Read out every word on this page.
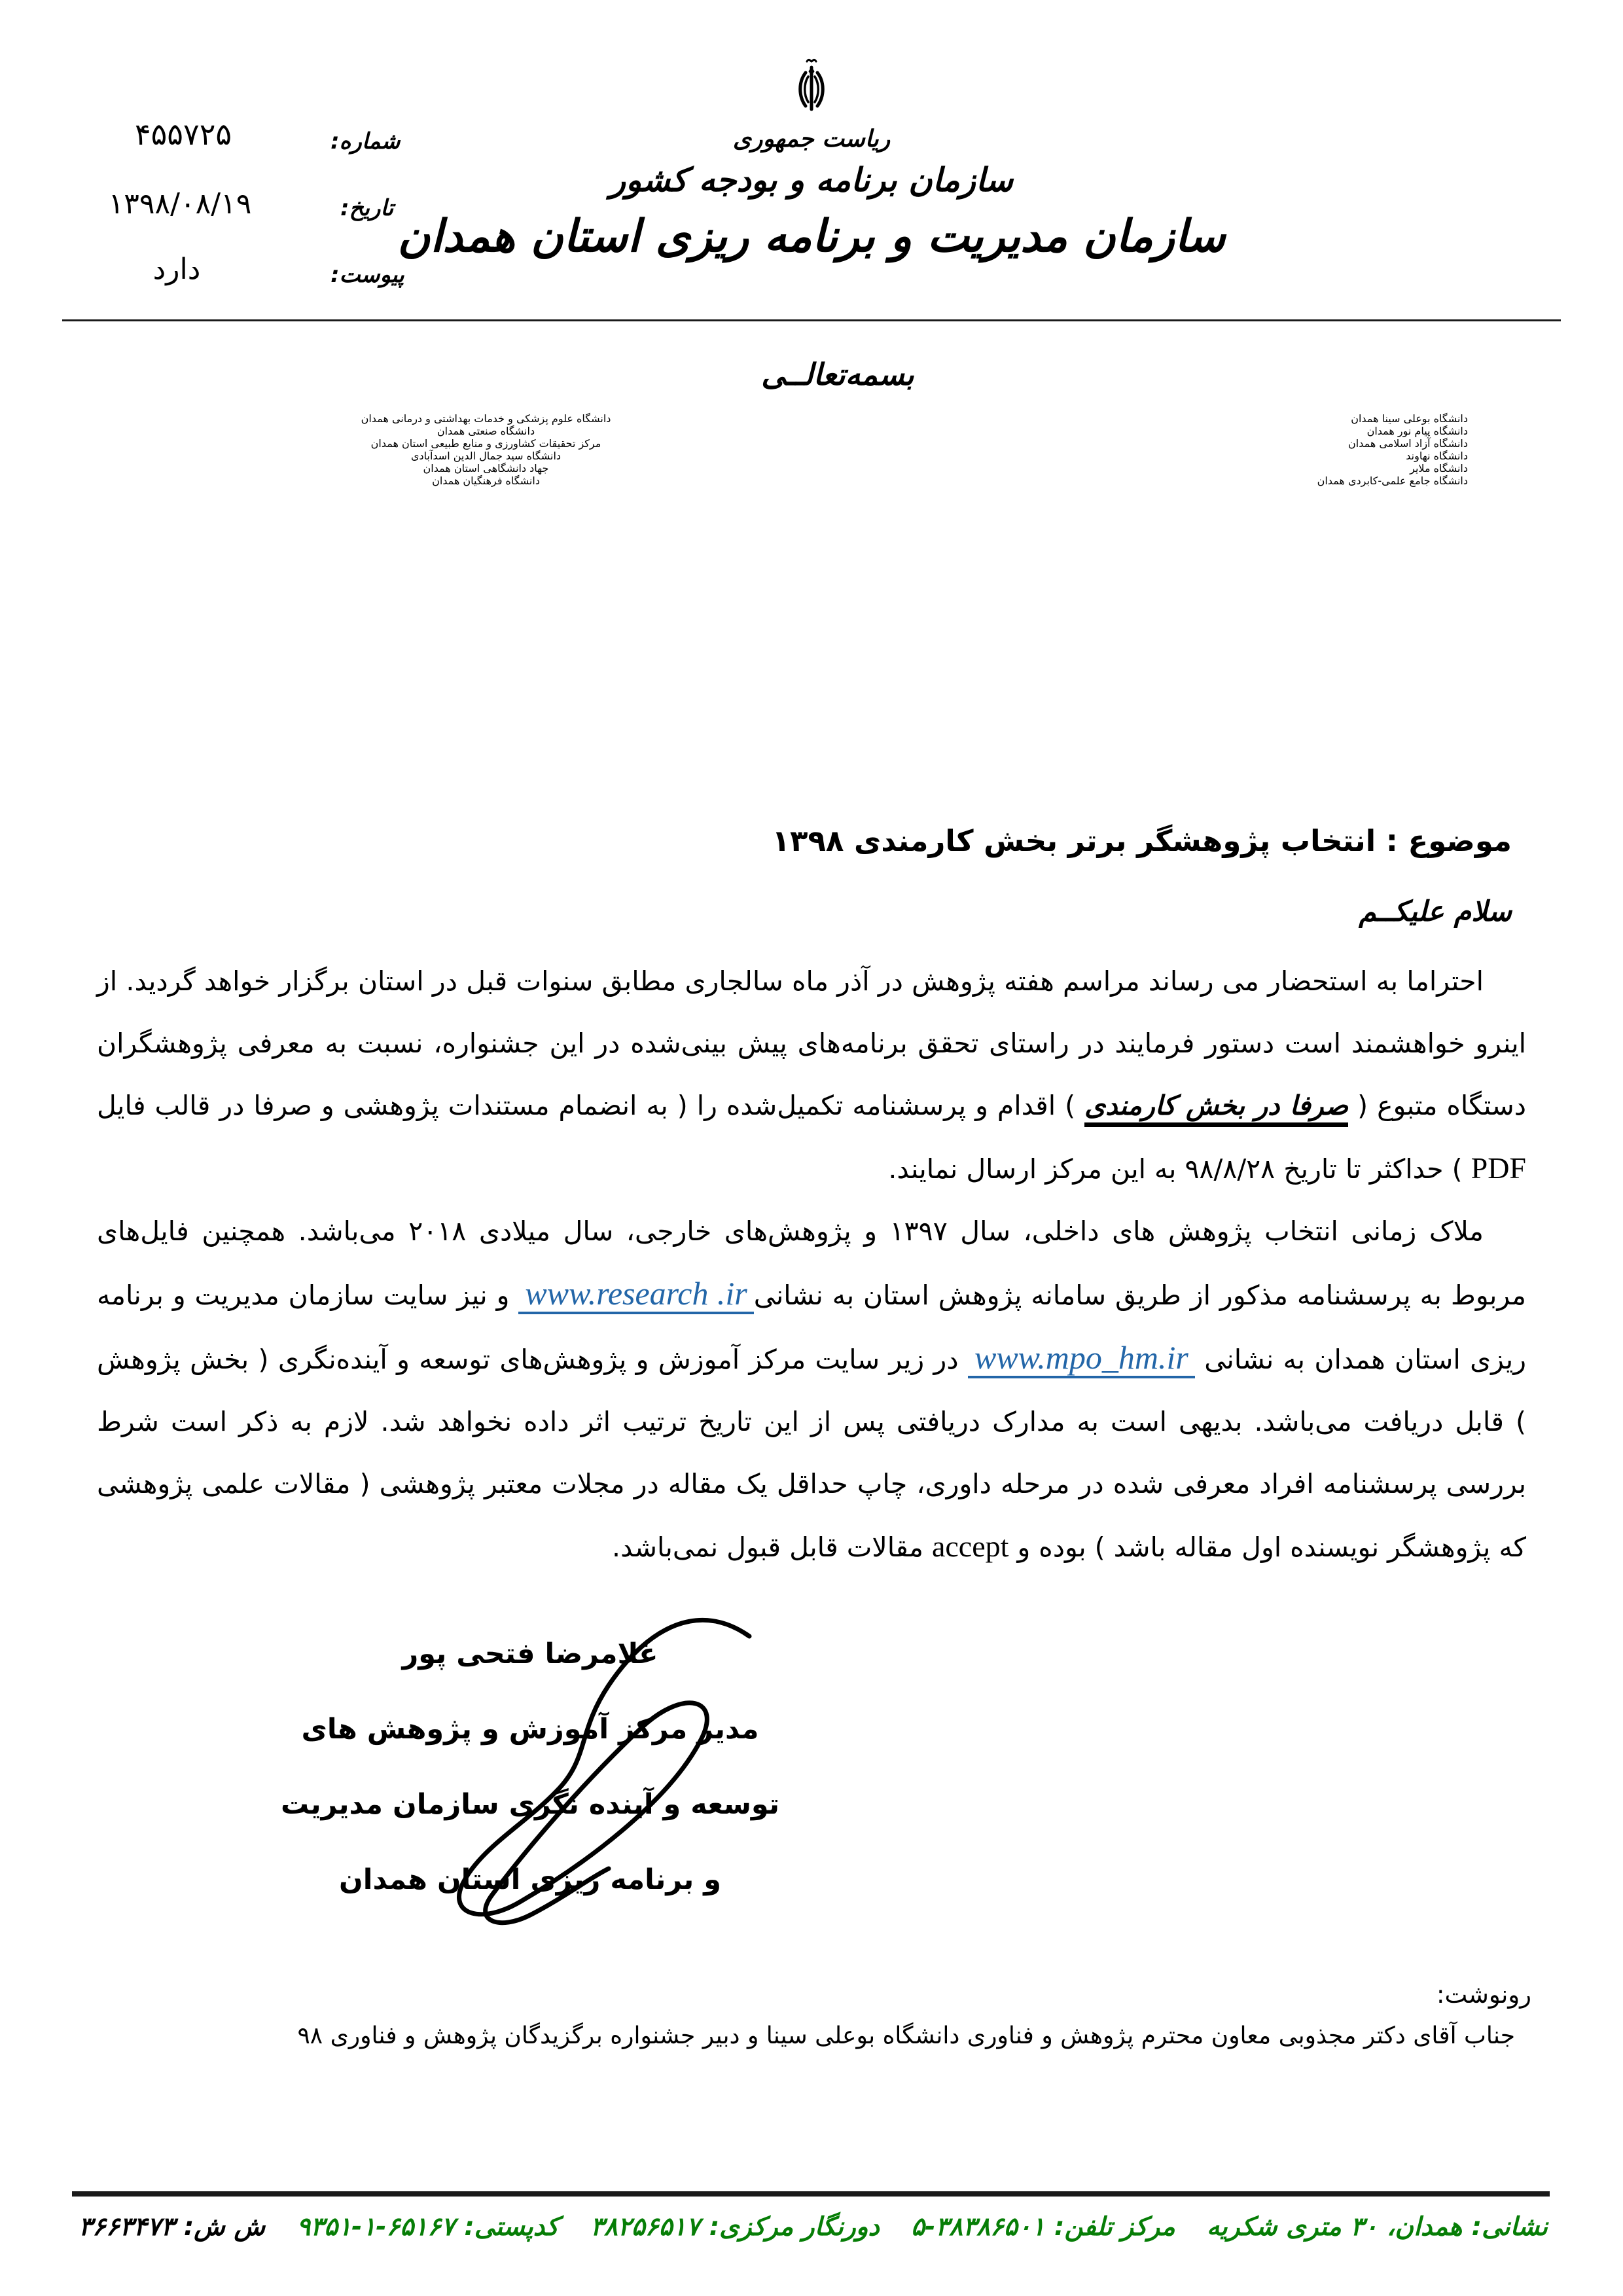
شماره:
۴۵۵۷۲۵
تاریخ:
۱۳۹۸/۰۸/۱۹
پیوست:
دارد
ریاست جمهوری
سازمان برنامه و بودجه کشور
سازمان مدیریت و برنامه ریزی استان همدان
بسمه‌تعالــی
دانشگاه علوم پزشکی و خدمات بهداشتی و درمانی همدان
دانشگاه صنعتی همدان
مرکز تحقیقات کشاورزی و منابع طبیعی استان همدان
دانشگاه سید جمال الدین اسدآبادی
جهاد دانشگاهی استان همدان
دانشگاه فرهنگیان همدان
دانشگاه بوعلی سینا همدان
دانشگاه پیام نور همدان
دانشگاه آزاد اسلامی همدان
دانشگاه نهاوند
دانشگاه ملایر
دانشگاه جامع علمی-کابردی همدان
موضوع : انتخاب پژوهشگر برتر بخش کارمندی ۱۳۹۸
سلام علیکــم

احتراما به استحضار می رساند مراسم هفته پژوهش در آذر ماه سالجاری مطابق سنوات قبل در استان برگزار خواهد گردید. از اینرو خواهشمند است دستور فرمایند در راستای تحقق برنامه‌های پیش بینی‌شده در این جشنواره، نسبت به معرفی پژوهشگران دستگاه متبوع ( صرفا در بخش کارمندی ) اقدام و پرسشنامه تکمیل‌شده را ( به انضمام مستندات پژوهشی و صرفا در قالب فایل PDF ) حداکثر تا تاریخ ۹۸/۸/۲۸ به این مرکز ارسال نمایند.

ملاک زمانی انتخاب پژوهش های داخلی، سال ۱۳۹۷ و پژوهش‌های خارجی، سال میلادی ۲۰۱۸ می‌باشد. همچنین فایل‌های مربوط به پرسشنامه مذکور از طریق سامانه پژوهش استان به نشانیwww.research .ir و نیز سایت سازمان مدیریت و برنامه ریزی استان همدان به نشانی www.mpo_hm.ir در زیر سایت مرکز آموزش و پژوهش‌های توسعه و آینده‌نگری ( بخش پژوهش ) قابل دریافت می‌باشد. بدیهی است به مدارک دریافتی پس از این تاریخ ترتیب اثر داده نخواهد شد. لازم به ذکر است شرط بررسی پرسشنامه افراد معرفی شده در مرحله داوری، چاپ حداقل یک مقاله در مجلات معتبر پژوهشی ( مقالات علمی پژوهشی که پژوهشگر نویسنده اول مقاله باشد ) بوده و accept مقالات قابل قبول نمی‌باشد.

غلامرضا فتحی پور
مدیر مرکز آموزش و پژوهش های
توسعه و آینده نگری سازمان مدیریت
و برنامه ریزی استان همدان
رونوشت:
جناب آقای دکتر مجذوبی معاون محترم پژوهش و فناوری دانشگاه بوعلی سینا و دبیر جشنواره برگزیدگان پژوهش و فناوری ۹۸
نشانی:همدان، ۳۰ متری شکریه
مرکز تلفن:۵-۳۸۳۸۶۵۰۱
دورنگار مرکزی:۳۸۲۵۶۵۱۷
کدپستی:۹۳۵۱-۱-۶۵۱۶۷
ش ش:۳۶۶۳۴۷۳
